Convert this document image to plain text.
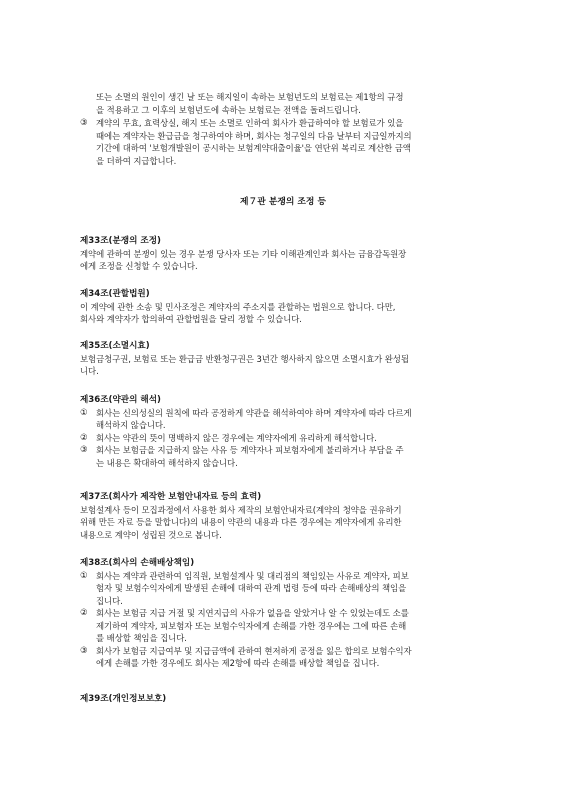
또는 소멸의 원인이 생긴 날 또는 해지일이 속하는 보험년도의 보험료는 제1항의 규정
을 적용하고 그 이후의 보험년도에 속하는 보험료는 전액을 돌려드립니다.
③ 계약의 무효, 효력상실, 해지 또는 소멸로 인하여 회사가 환급하여야 할 보험료가 있을
때에는 계약자는 환급금을 청구하여야 하며, 회사는 청구일의 다음 날부터 지급일까지의
기간에 대하여 '보험개발원이 공시하는 보험계약대출이율'을 연단위 복리로 계산한 금액
을 더하여 지급합니다.
제７관 분쟁의 조정 등
제33조(분쟁의 조정)
계약에 관하여 분쟁이 있는 경우 분쟁 당사자 또는 기타 이해관계인과 회사는 금융감독원장
에게 조정을 신청할 수 있습니다.
제34조(관할법원)
이 계약에 관한 소송 및 민사조정은 계약자의 주소지를 관할하는 법원으로 합니다. 다만,
회사와 계약자가 합의하여 관할법원을 달리 정할 수 있습니다.
제35조(소멸시효)
보험금청구권, 보험료 또는 환급금 반환청구권은 3년간 행사하지 않으면 소멸시효가 완성됩
니다.
제36조(약관의 해석)
① 회사는 신의성실의 원칙에 따라 공정하게 약관을 해석하여야 하며 계약자에 따라 다르게
해석하지 않습니다.
② 회사는 약관의 뜻이 명백하지 않은 경우에는 계약자에게 유리하게 해석합니다.
③ 회사는 보험금을 지급하지 않는 사유 등 계약자나 피보험자에게 불리하거나 부담을 주
는 내용은 확대하여 해석하지 않습니다.
제37조(회사가 제작한 보험안내자료 등의 효력)
보험설계사 등이 모집과정에서 사용한 회사 제작의 보험안내자료(계약의 청약을 권유하기
위해 만든 자료 등을 말합니다)의 내용이 약관의 내용과 다른 경우에는 계약자에게 유리한
내용으로 계약이 성립된 것으로 봅니다.
제38조(회사의 손해배상책임)
① 회사는 계약과 관련하여 임직원, 보험설계사 및 대리점의 책임있는 사유로 계약자, 피보
험자 및 보험수익자에게 발생된 손해에 대하여 관계 법령 등에 따라 손해배상의 책임을
집니다.
② 회사는 보험금 지급 거절 및 지연지급의 사유가 없음을 알았거나 알 수 있었는데도 소를
제기하여 계약자, 피보험자 또는 보험수익자에게 손해를 가한 경우에는 그에 따른 손해
를 배상할 책임을 집니다.
③ 회사가 보험금 지급여부 및 지급금액에 관하여 현저하게 공정을 잃은 합의로 보험수익자
에게 손해를 가한 경우에도 회사는 제2항에 따라 손해를 배상할 책임을 집니다.
제39조(개인정보보호)
